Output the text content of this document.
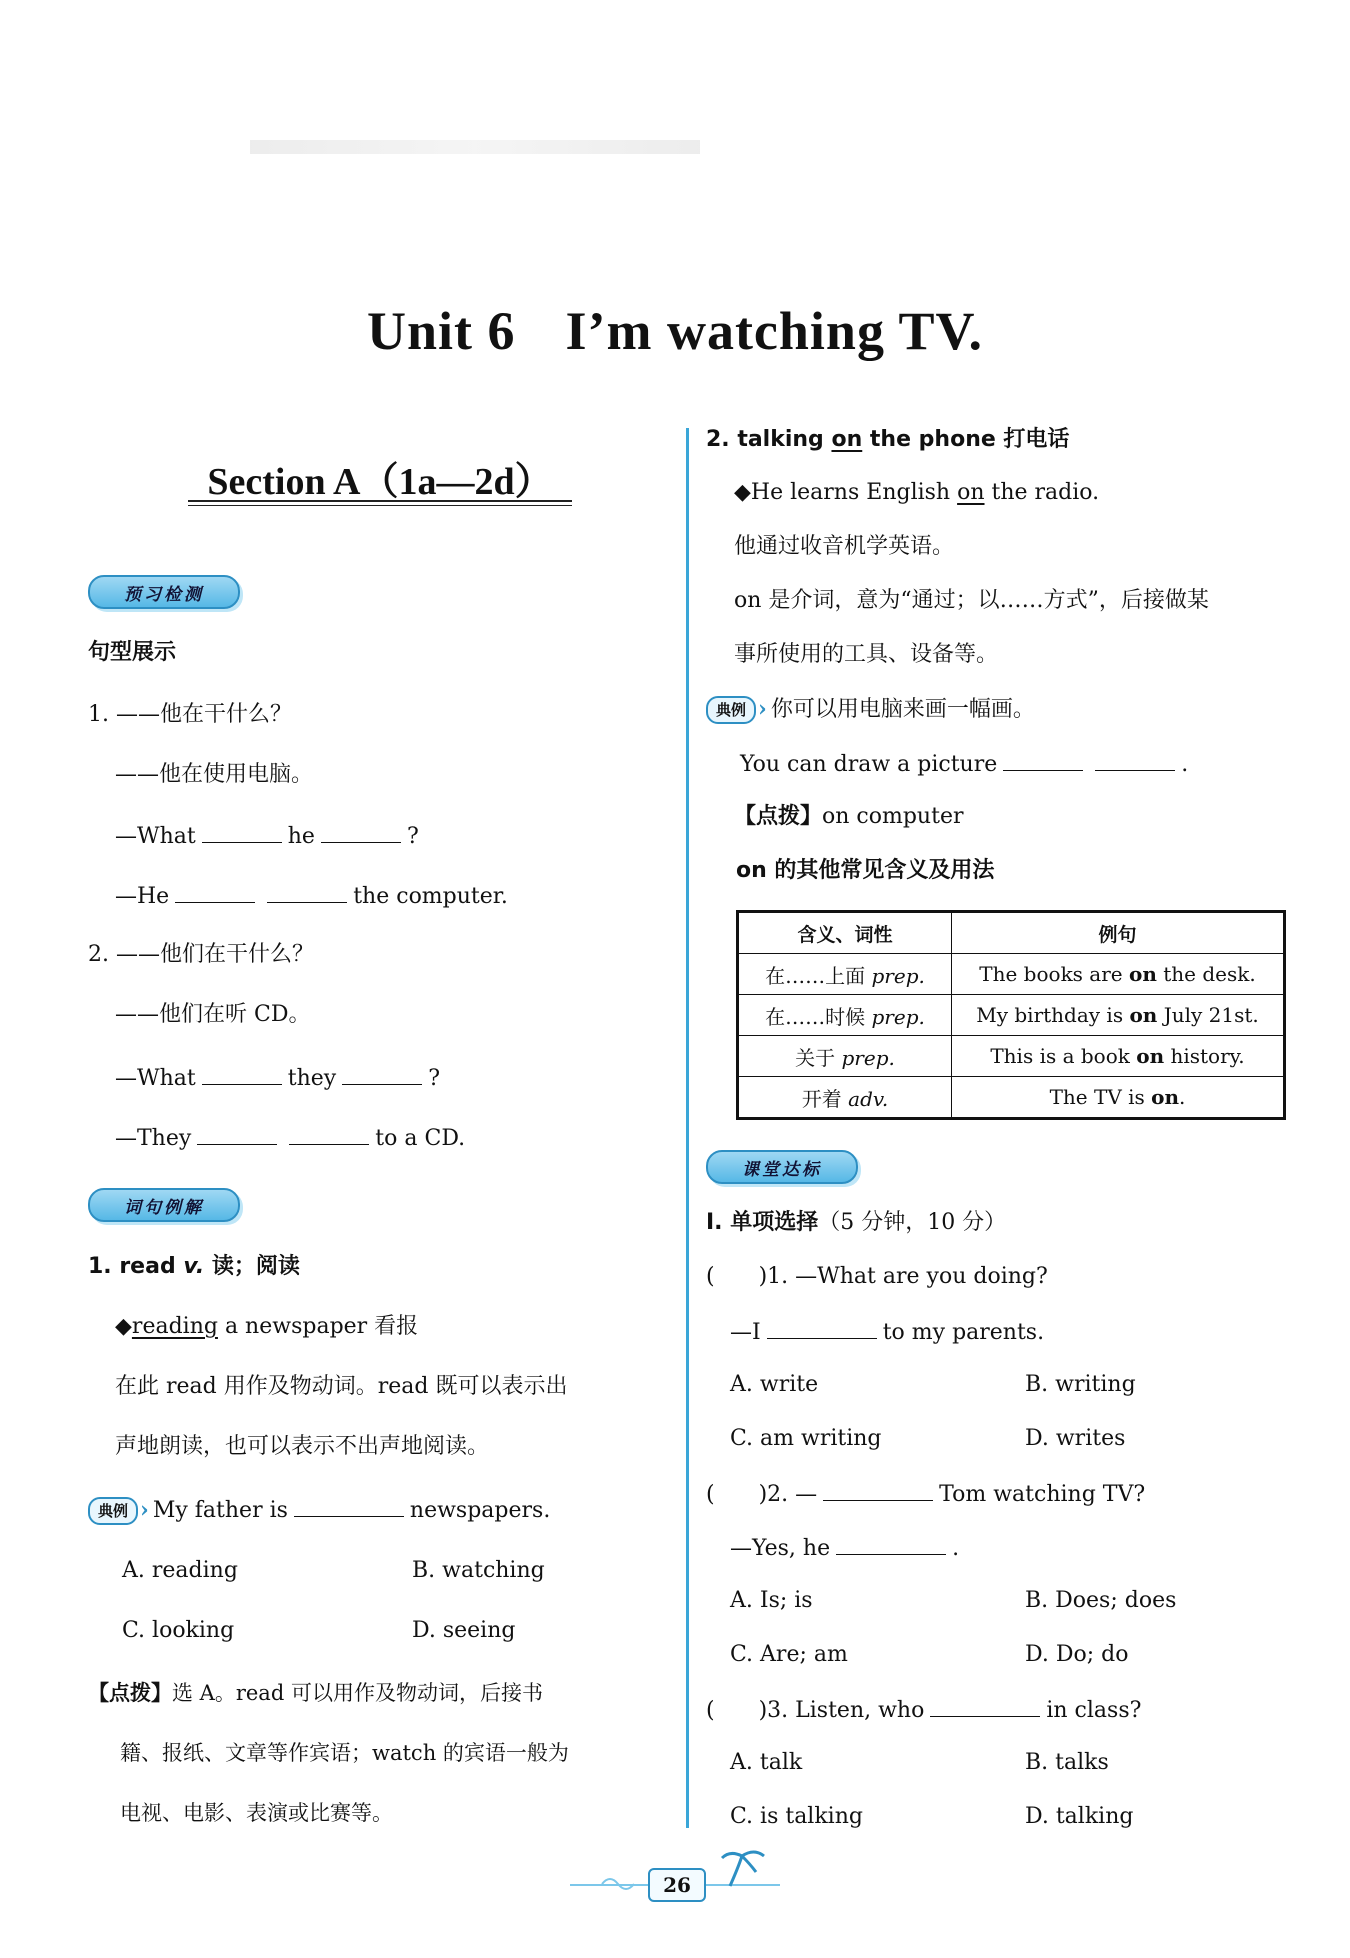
Unit 6 I’m watching TV.
Section A（1a—2d）
预习检测
句型展示
1. ——他在干什么？
——他在使用电脑。
—What	he	?
—He	the computer.
2. ——他们在干什么？
——他们在听 CD。
—What	they	?
—They	to a CD.
词句例解
1. read v. 读；阅读
◆reading a newspaper 看报
在此 read 用作及物动词。read 既可以表示出
声地朗读，也可以表示不出声地阅读。
典例 › My father is	newspapers.
A. reading	B. watching
C. looking	D. seeing
【点拨】选 A。read 可以用作及物动词，后接书
籍、报纸、文章等作宾语；watch 的宾语一般为
电视、电影、表演或比赛等。
2. talking on the phone 打电话
◆He learns English on the radio.
他通过收音机学英语。
on 是介词，意为“通过；以……方式”，后接做某
事所使用的工具、设备等。
典例 › 你可以用电脑来画一幅画。
You can draw a picture	.
【点拨】on computer
on 的其他常见含义及用法
含义、词性	例句
在……上面 prep.	The books are on the desk.
在……时候 prep.	My birthday is on July 21st.
关于 prep.	This is a book on history.
开着 adv.	The TV is on.
课堂达标
Ⅰ. 单项选择（5 分钟，10 分）
(　　)1. —What are you doing?
—I	to my parents.
A. write	B. writing
C. am writing	D. writes
(　　)2. —	Tom watching TV?
—Yes, he	.
A. Is; is	B. Does; does
C. Are; am	D. Do; do
(　　)3. Listen, who	in class?
A. talk	B. talks
C. is talking	D. talking
26
